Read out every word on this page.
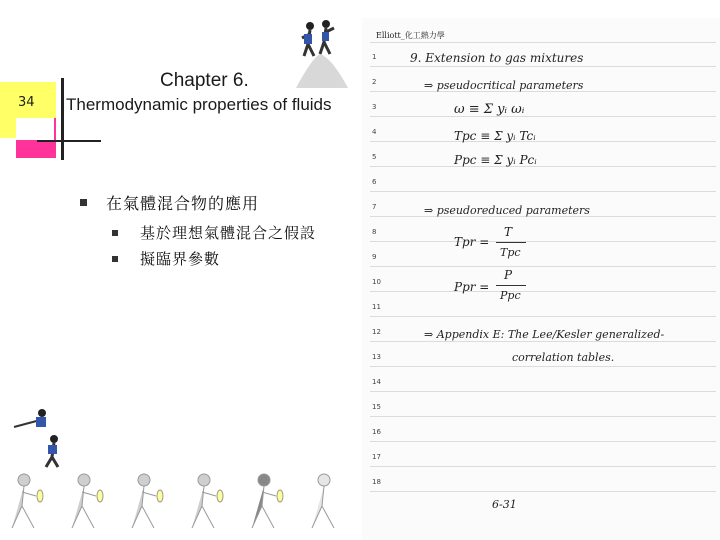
34
Chapter 6.
Thermodynamic properties of fluids
在氣體混合物的應用
基於理想氣體混合之假設
擬臨界參數
Elliott_化工熱力學
1
2
3
4
5
6
7
8
9
10
11
12
13
14
15
16
17
18
9. Extension to gas mixtures
⇒ pseudocritical parameters
ω ≡ Σ yᵢ ωᵢ
Tpc ≡ Σ yᵢ Tcᵢ
Ppc ≡ Σ yᵢ Pcᵢ
⇒ pseudoreduced parameters
Tpr =
T
Tpc
Ppr =
P
Ppc
⇒ Appendix E: The Lee/Kesler generalized-
correlation tables.
6-31
